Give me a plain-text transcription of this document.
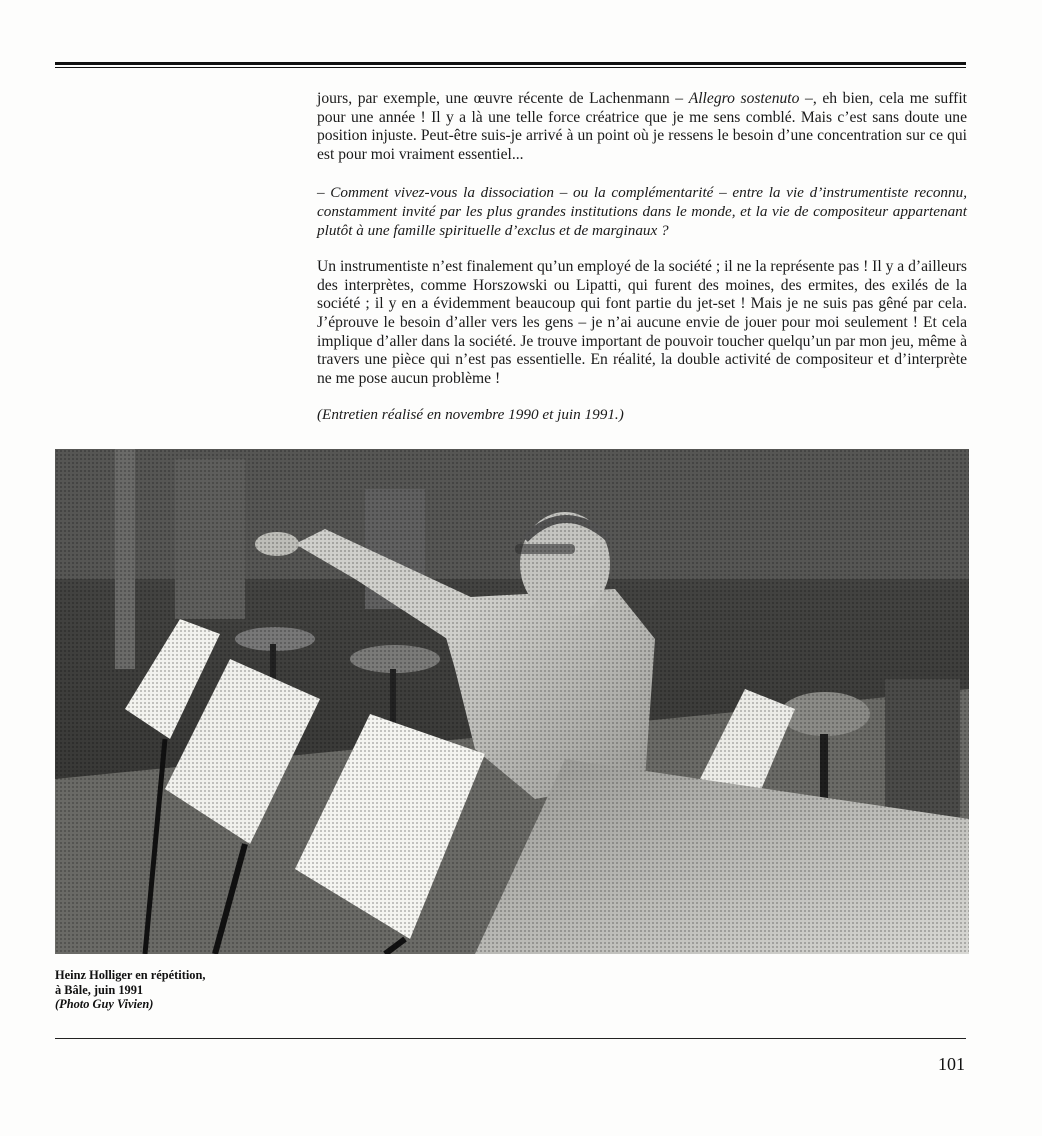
jours, par exemple, une œuvre récente de Lachenmann – Allegro sostenuto –, eh bien, cela me suffit pour une année ! Il y a là une telle force créatrice que je me sens comblé. Mais c’est sans doute une position injuste. Peut-être suis-je arrivé à un point où je ressens le besoin d’une concentration sur ce qui est pour moi vraiment essentiel...

– Comment vivez-vous la dissociation – ou la complémentarité – entre la vie d’instrumentiste reconnu, constamment invité par les plus grandes institutions dans le monde, et la vie de compositeur appartenant plutôt à une famille spirituelle d’exclus et de marginaux ?

Un instrumentiste n’est finalement qu’un employé de la société ; il ne la représente pas ! Il y a d’ailleurs des interprètes, comme Horszowski ou Lipatti, qui furent des moines, des ermites, des exilés de la société ; il y en a évidemment beaucoup qui font partie du jet-set ! Mais je ne suis pas gêné par cela. J’éprouve le besoin d’aller vers les gens – je n’ai aucune envie de jouer pour moi seulement ! Et cela implique d’aller dans la société. Je trouve important de pouvoir toucher quelqu’un par mon jeu, même à travers une pièce qui n’est pas essentielle. En réalité, la double activité de compositeur et d’interprète ne me pose aucun problème !

(Entretien réalisé en novembre 1990 et juin 1991.)

Heinz Holliger en répétition,
à Bâle, juin 1991
(Photo Guy Vivien)
101
